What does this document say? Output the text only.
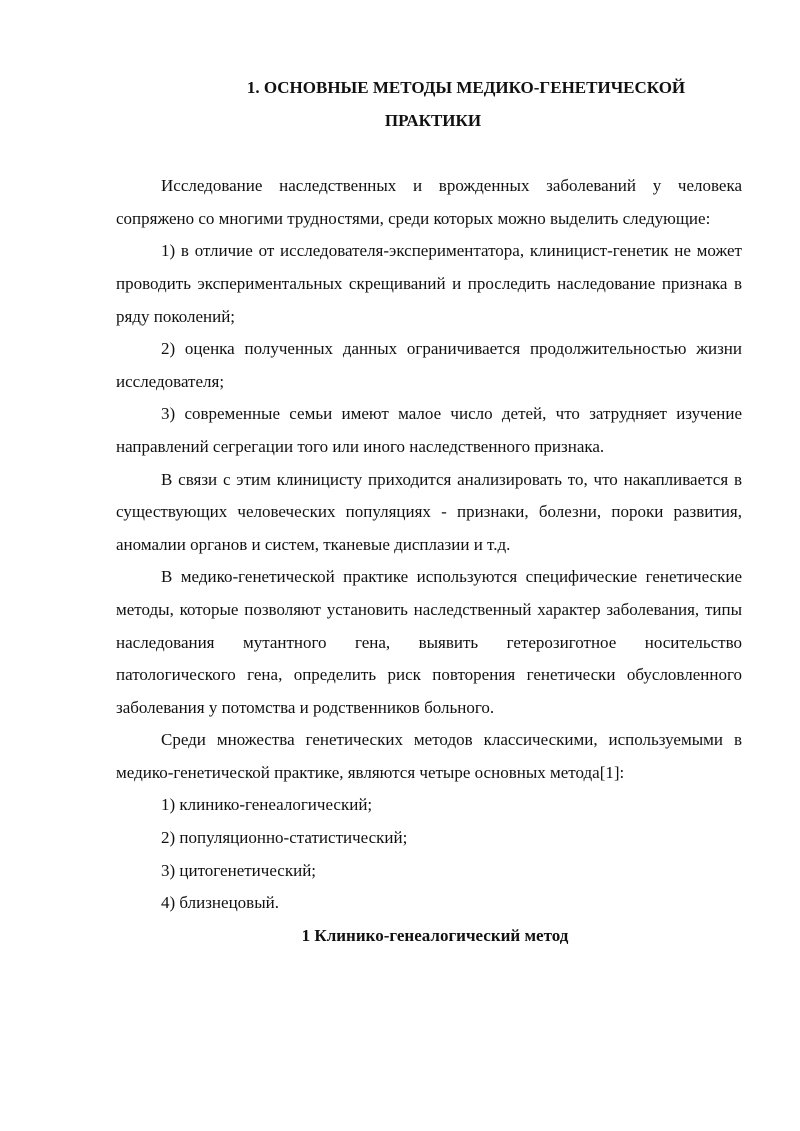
1. ОСНОВНЫЕ МЕТОДЫ МЕДИКО-ГЕНЕТИЧЕСКОЙ
ПРАКТИКИ

Исследование наследственных и врожденных заболеваний у человека сопряжено со многими трудностями, среди которых можно выделить следующие:

1) в отличие от исследователя-экспериментатора, клиницист-генетик не может проводить экспериментальных скрещиваний и проследить наследование признака в ряду поколений;

2) оценка полученных данных ограничивается продолжительностью жизни исследователя;

3) современные семьи имеют малое число детей, что затрудняет изучение направлений сегрегации того или иного наследственного признака.

В связи с этим клиницисту приходится анализировать то, что накапливается в существующих человеческих популяциях - признаки, болезни, пороки развития, аномалии органов и систем, тканевые дисплазии и т.д.

В медико-генетической практике используются специфические генетические методы, которые позволяют установить наследственный характер заболевания, типы наследования мутантного гена, выявить гетерозиготное носительство патологического гена, определить риск повторения генетически обусловленного заболевания у потомства и родственников больного.

Среди множества генетических методов классическими, используемыми в медико-генетической практике, являются четыре основных метода[1]:

1) клинико-генеалогический;

2) популяционно-статистический;

3) цитогенетический;

4) близнецовый.

1 Клинико-генеалогический метод
